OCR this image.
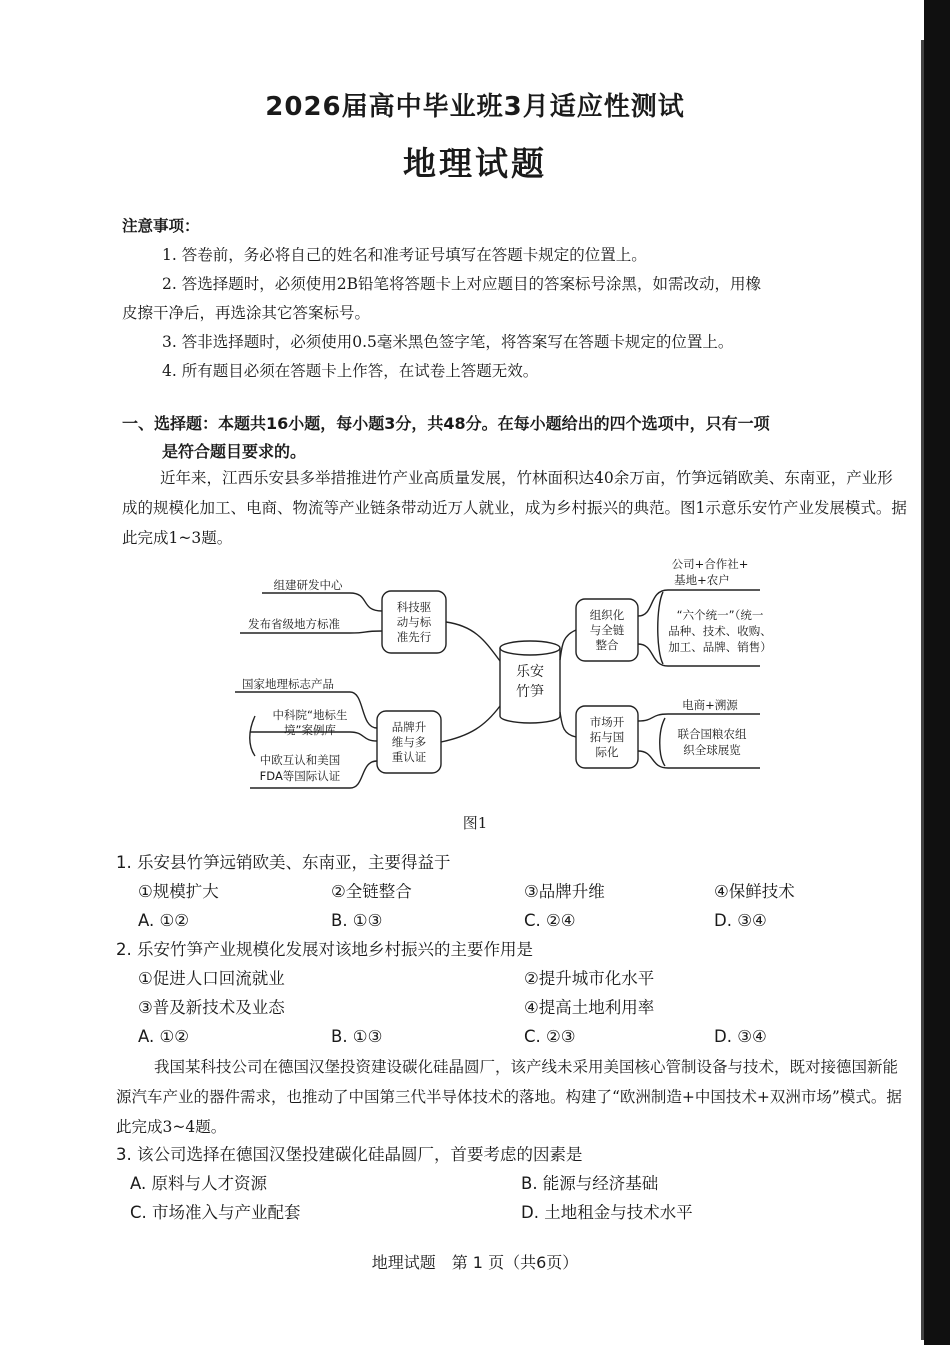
2026届高中毕业班3月适应性测试
地理试题

注意事项：

1. 答卷前，务必将自己的姓名和准考证号填写在答题卡规定的位置上。

2. 答选择题时，必须使用2B铅笔将答题卡上对应题目的答案标号涂黑，如需改动，用橡

皮擦干净后，再选涂其它答案标号。

3. 答非选择题时，必须使用0.5毫米黑色签字笔，将答案写在答题卡规定的位置上。

4. 所有题目必须在答题卡上作答，在试卷上答题无效。

一、选择题：本题共16小题，每小题3分，共48分。在每小题给出的四个选项中，只有一项
是符合题目要求的。

近年来，江西乐安县多举措推进竹产业高质量发展，竹林面积达40余万亩，竹笋远销欧美、东南亚，产业形成的规模化加工、电商、物流等产业链条带动近万人就业，成为乡村振兴的典范。图1示意乐安竹产业发展模式。据此完成1~3题。

乐安
竹笋
科技驱
动与标
准先行
组织化
与全链
整合
品牌升
维与多
重认证
市场开
拓与国
际化
组建研发中心
发布省级地方标准
公司+合作社+
基地+农户
“六个统一”（统一
品种、技术、收购、
加工、品牌、销售）
国家地理标志产品
中科院“地标生
境”案例库
中欧互认和美国
FDA等国际认证
电商+溯源
联合国粮农组
织全球展览
图1

1. 乐安县竹笋远销欧美、东南亚，主要得益于

①规模扩大	②全链整合	③品牌升维	④保鲜技术
A. ①②	B. ①③	C. ②④	D. ③④

2. 乐安竹笋产业规模化发展对该地乡村振兴的主要作用是

①促进人口回流就业	②提升城市化水平
③普及新技术及业态	④提高土地利用率
A. ①②	B. ①③	C. ②③	D. ③④

我国某科技公司在德国汉堡投资建设碳化硅晶圆厂，该产线未采用美国核心管制设备与技术，既对接德国新能源汽车产业的器件需求，也推动了中国第三代半导体技术的落地。构建了“欧洲制造+中国技术+双洲市场”模式。据此完成3~4题。

3. 该公司选择在德国汉堡投建碳化硅晶圆厂，首要考虑的因素是

A. 原料与人才资源	B. 能源与经济基础
C. 市场准入与产业配套	D. 土地租金与技术水平
地理试题　第 1 页（共6页）
